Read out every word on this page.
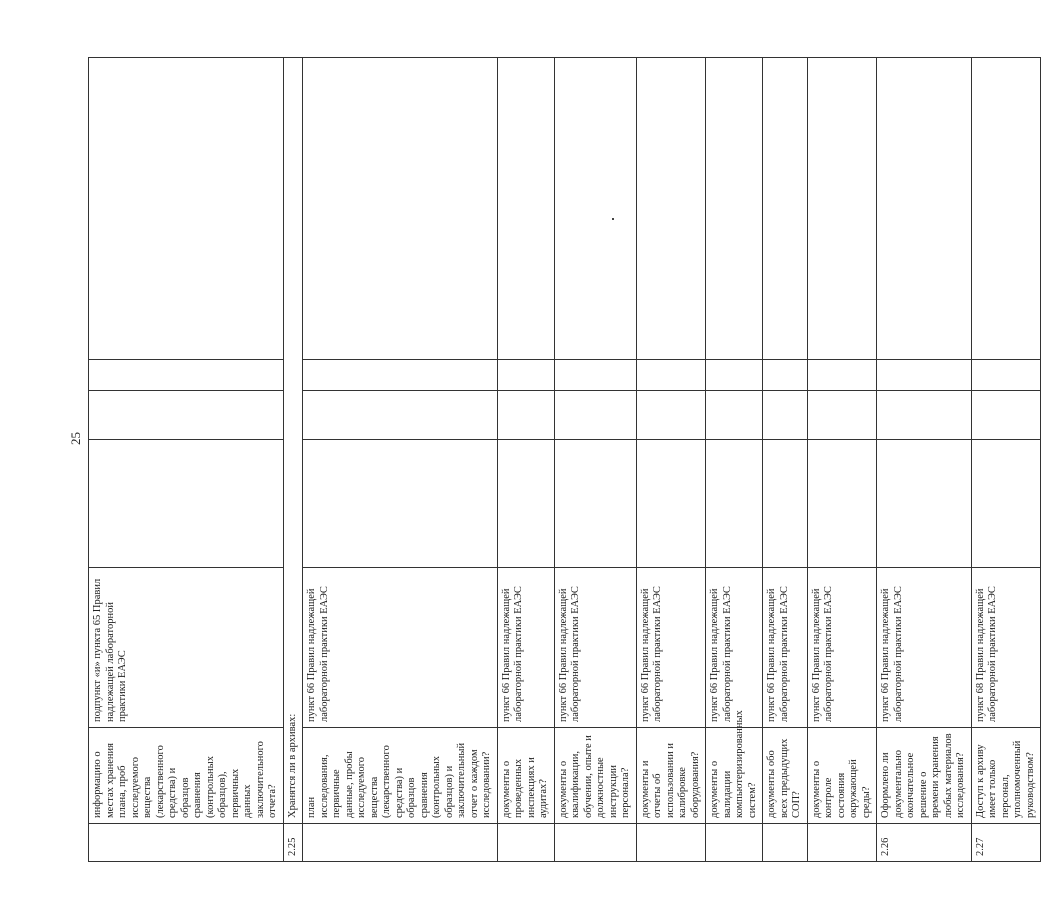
25
	информацию о местах хранения плана, проб исследуемого вещества (лекарственного средства) и образцов сравнения (контрольных образцов), первичных данных заключительного отчета?	подпункт «и» пункта 65 Правил надлежащей лабораторной практики ЕАЭС				
2.25	Хранятся ли в архивах:					
	план исследования, первичные данные, пробы исследуемого вещества (лекарственного средства) и образцов сравнения (контрольных образцов) и заключительный отчет о каждом исследовании?	пункт 66 Правил надлежащей лабораторной практики ЕАЭС				
	документы о проведенных инспекциях и аудитах?	пункт 66 Правил надлежащей лабораторной практики ЕАЭС				
	документы о квалификации, обучении, опыте и должностные инструкции персонала?	пункт 66 Правил надлежащей лабораторной практики ЕАЭС				
	документы и отчеты об использовании и калибровке оборудования?	пункт 66 Правил надлежащей лабораторной практики ЕАЭС				
	документы о валидации компьютеризированных систем?	пункт 66 Правил надлежащей лабораторной практики ЕАЭС				
	документы обо всех предыдущих СОП?	пункт 66 Правил надлежащей лабораторной практики ЕАЭС				
	документы о контроле состояния окружающей среды?	пункт 66 Правил надлежащей лабораторной практики ЕАЭС				
2.26	Оформлено ли документально окончательное решение о времени хранения любых материалов исследования?	пункт 66 Правил надлежащей лабораторной практики ЕАЭС				
2.27	Доступ к архиву имеет только персонал, уполномоченный руководством?	пункт 68 Правил надлежащей лабораторной практики ЕАЭС				
